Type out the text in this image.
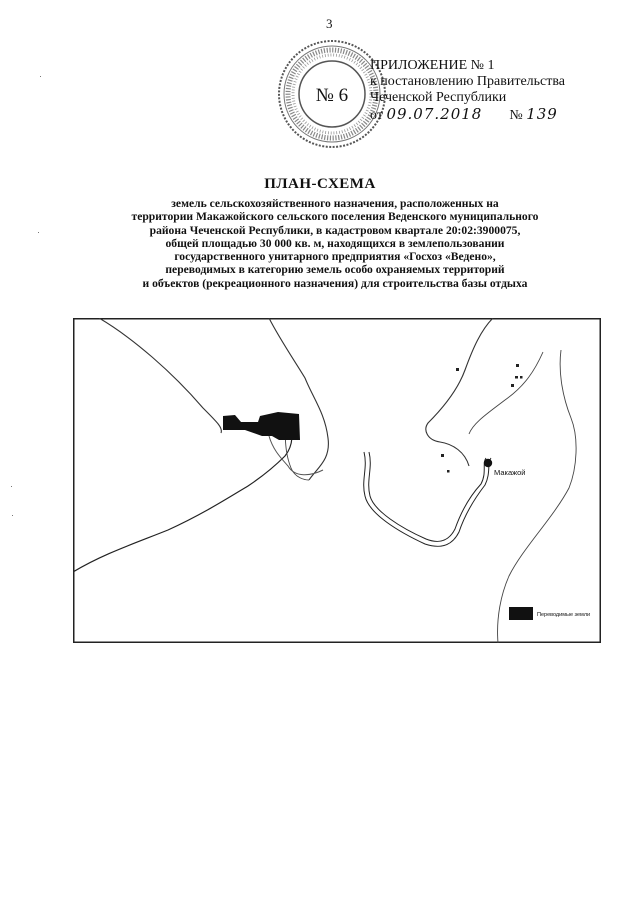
3
№ 6
ПРИЛОЖЕНИЕ № 1
к постановлению Правительства
Чеченской Республики
от 09.07.2018 № 139
ПЛАН-СХЕМА
земель сельскохозяйственного назначения, расположенных на
территории Макажойского сельского поселения Веденского муниципального
района Чеченской Республики, в кадастровом квартале 20:02:3900075,
общей площадью 30 000 кв. м, находящихся в землепользовании
государственного унитарного предприятия «Госхоз «Ведено»,
переводимых в категорию земель особо охраняемых территорий
и объектов (рекреационного назначения) для строительства базы отдыха
Макажой
Переводимые земли
